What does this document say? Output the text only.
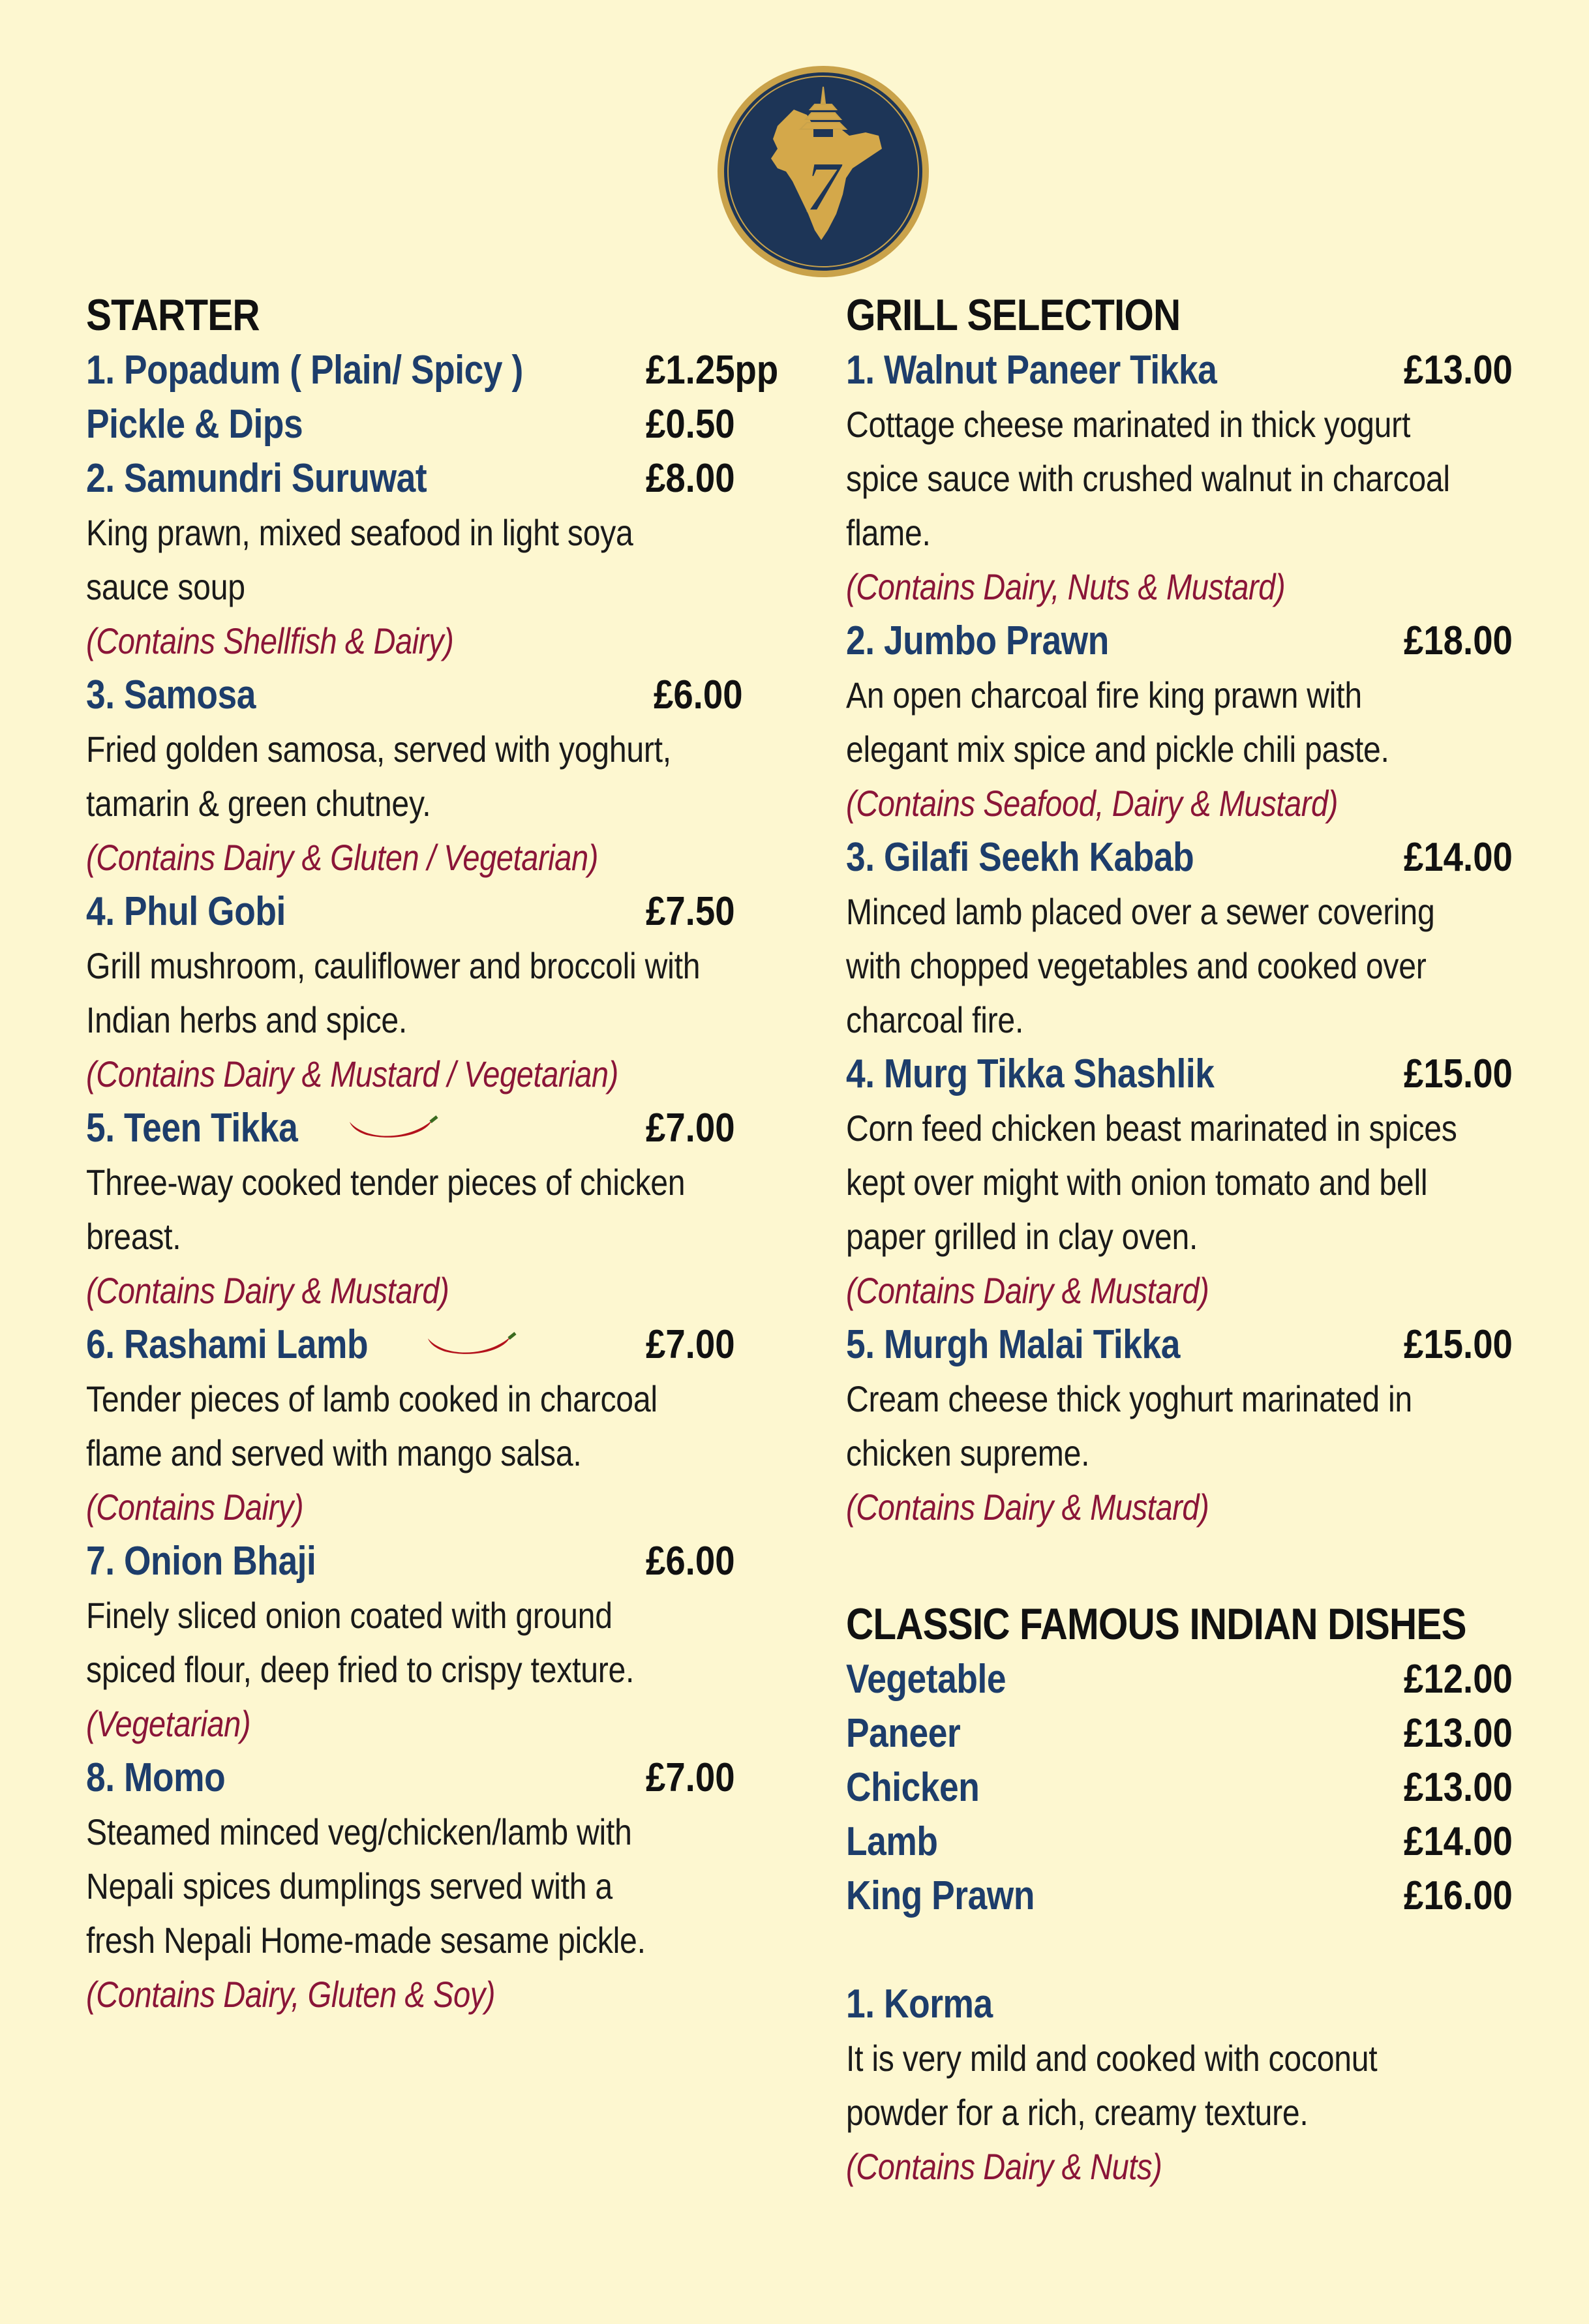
7
STARTER
1. Popadum ( Plain/ Spicy )	£1.25pp
Pickle & Dips	£0.50
2. Samundri Suruwat	£8.00
King prawn, mixed seafood in light soya
sauce soup
(Contains Shellfish & Dairy)
3. Samosa	£6.00
Fried golden samosa, served with yoghurt,
tamarin & green chutney.
(Contains Dairy & Gluten / Vegetarian)
4. Phul Gobi	£7.50
Grill mushroom, cauliflower and broccoli with
Indian herbs and spice.
(Contains Dairy & Mustard / Vegetarian)
5. Teen Tikka	£7.00
Three-way cooked tender pieces of chicken
breast.
(Contains Dairy & Mustard)
6. Rashami Lamb	£7.00
Tender pieces of lamb cooked in charcoal
flame and served with mango salsa.
(Contains Dairy)
7. Onion Bhaji	£6.00
Finely sliced onion coated with ground
spiced flour, deep fried to crispy texture.
(Vegetarian)
8. Momo	£7.00
Steamed minced veg/chicken/lamb with
Nepali spices dumplings served with a
fresh Nepali Home-made sesame pickle.
(Contains Dairy, Gluten & Soy)
GRILL SELECTION
1. Walnut Paneer Tikka	£13.00
Cottage cheese marinated in thick yogurt
spice sauce with crushed walnut in charcoal
flame.
(Contains Dairy, Nuts & Mustard)
2. Jumbo Prawn	£18.00
An open charcoal fire king prawn with
elegant mix spice and pickle chili paste.
(Contains Seafood, Dairy & Mustard)
3. Gilafi Seekh Kabab	£14.00
Minced lamb placed over a sewer covering
with chopped vegetables and cooked over
charcoal fire.
4. Murg Tikka Shashlik	£15.00
Corn feed chicken beast marinated in spices
kept over might with onion tomato and bell
paper grilled in clay oven.
(Contains Dairy & Mustard)
5. Murgh Malai Tikka	£15.00
Cream cheese thick yoghurt marinated in
chicken supreme.
(Contains Dairy & Mustard)
CLASSIC FAMOUS INDIAN DISHES
Vegetable	£12.00
Paneer	£13.00
Chicken	£13.00
Lamb	£14.00
King Prawn	£16.00
1. Korma
It is very mild and cooked with coconut
powder for a rich, creamy texture.
(Contains Dairy & Nuts)
